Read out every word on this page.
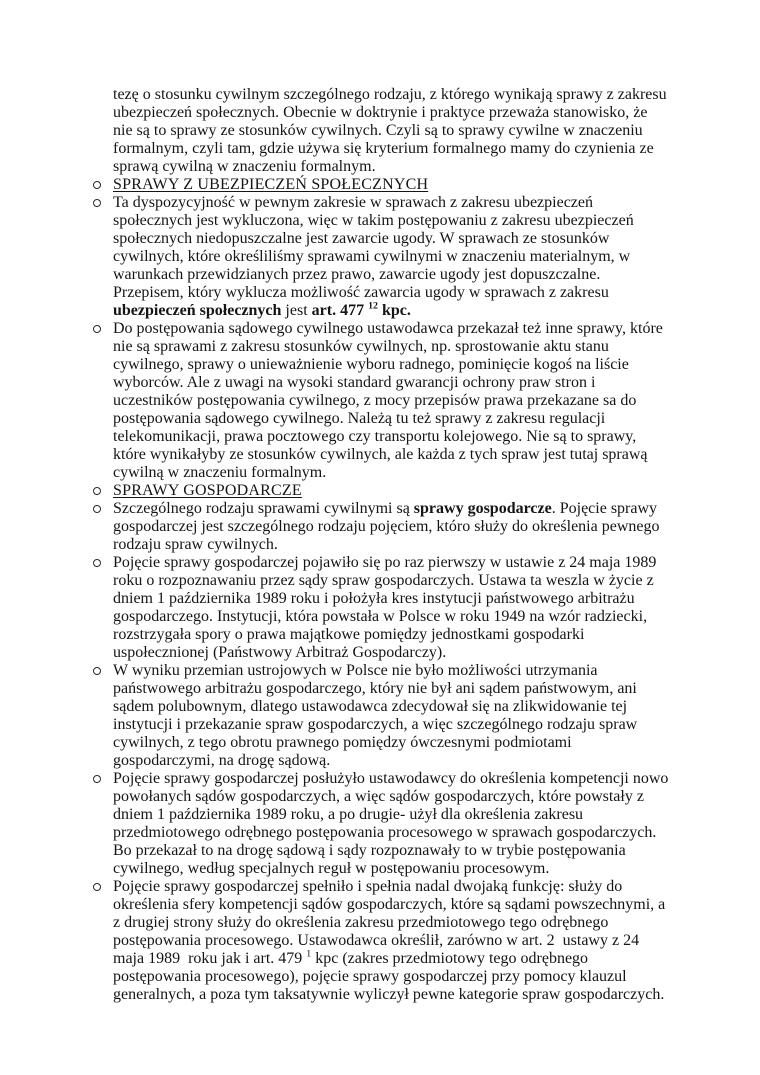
tezę o stosunku cywilnym szczególnego rodzaju, z którego wynikają sprawy z zakresu ubezpieczeń społecznych. Obecnie w doktrynie i praktyce przeważa stanowisko, że nie są to sprawy ze stosunków cywilnych. Czyli są to sprawy cywilne w znaczeniu formalnym, czyli tam, gdzie używa się kryterium formalnego mamy do czynienia ze sprawą cywilną w znaczeniu formalnym.
SPRAWY Z UBEZPIECZEŃ SPOŁECZNYCH
Ta dyspozycyjność w pewnym zakresie w sprawach z zakresu ubezpieczeń społecznych jest wykluczona, więc w takim postępowaniu z zakresu ubezpieczeń społecznych niedopuszczalne jest zawarcie ugody. W sprawach ze stosunków cywilnych, które określiliśmy sprawami cywilnymi w znaczeniu materialnym, w warunkach przewidzianych przez prawo, zawarcie ugody jest dopuszczalne. Przepisem, który wyklucza możliwość zawarcia ugody w sprawach z zakresu ubezpieczeń społecznych jest art. 477 $^{12}$ kpc.
Do postępowania sądowego cywilnego ustawodawca przekazał też inne sprawy, które nie są sprawami z zakresu stosunków cywilnych, np. sprostowanie aktu stanu cywilnego, sprawy o unieważnienie wyboru radnego, pominięcie kogoś na liście wyborców. Ale z uwagi na wysoki standard gwarancji ochrony praw stron i uczestników postępowania cywilnego, z mocy przepisów prawa przekazane sa do postępowania sądowego cywilnego. Należą tu też sprawy z zakresu regulacji telekomunikacji, prawa pocztowego czy transportu kolejowego. Nie są to sprawy, które wynikałyby ze stosunków cywilnych, ale każda z tych spraw jest tutaj sprawą cywilną w znaczeniu formalnym.
SPRAWY GOSPODARCZE
Szczególnego rodzaju sprawami cywilnymi są sprawy gospodarcze. Pojęcie sprawy gospodarczej jest szczególnego rodzaju pojęciem, któro służy do określenia pewnego rodzaju spraw cywilnych.
Pojęcie sprawy gospodarczej pojawiło się po raz pierwszy w ustawie z 24 maja 1989 roku o rozpoznawaniu przez sądy spraw gospodarczych. Ustawa ta weszla w życie z dniem 1 października 1989 roku i położyła kres instytucji państwowego arbitrażu gospodarczego. Instytucji, która powstała w Polsce w roku 1949 na wzór radziecki, rozstrzygała spory o prawa majątkowe pomiędzy jednostkami gospodarki uspołecznionej (Państwowy Arbitraż Gospodarczy).
W wyniku przemian ustrojowych w Polsce nie było możliwości utrzymania państwowego arbitrażu gospodarczego, który nie był ani sądem państwowym, ani sądem polubownym, dlatego ustawodawca zdecydował się na zlikwidowanie tej instytucji i przekazanie spraw gospodarczych, a więc szczególnego rodzaju spraw cywilnych, z tego obrotu prawnego pomiędzy ówczesnymi podmiotami gospodarczymi, na drogę sądową.
Pojęcie sprawy gospodarczej posłużyło ustawodawcy do określenia kompetencji nowo powołanych sądów gospodarczych, a więc sądów gospodarczych, które powstały z dniem 1 października 1989 roku, a po drugie- użył dla określenia zakresu przedmiotowego odrębnego postępowania procesowego w sprawach gospodarczych. Bo przekazał to na drogę sądową i sądy rozpoznawały to w trybie postępowania cywilnego, według specjalnych reguł w postępowaniu procesowym.
Pojęcie sprawy gospodarczej spełniło i spełnia nadal dwojaką funkcję: służy do określenia sfery kompetencji sądów gospodarczych, które są sądami powszechnymi, a z drugiej strony służy do określenia zakresu przedmiotowego tego odrębnego postępowania procesowego. Ustawodawca określił, zarówno w art. 2  ustawy z 24 maja 1989  roku jak i art. 479 $^1$ kpc (zakres przedmiotowy tego odrębnego postępowania procesowego), pojęcie sprawy gospodarczej przy pomocy klauzul generalnych, a poza tym taksatywnie wyliczył pewne kategorie spraw gospodarczych.
